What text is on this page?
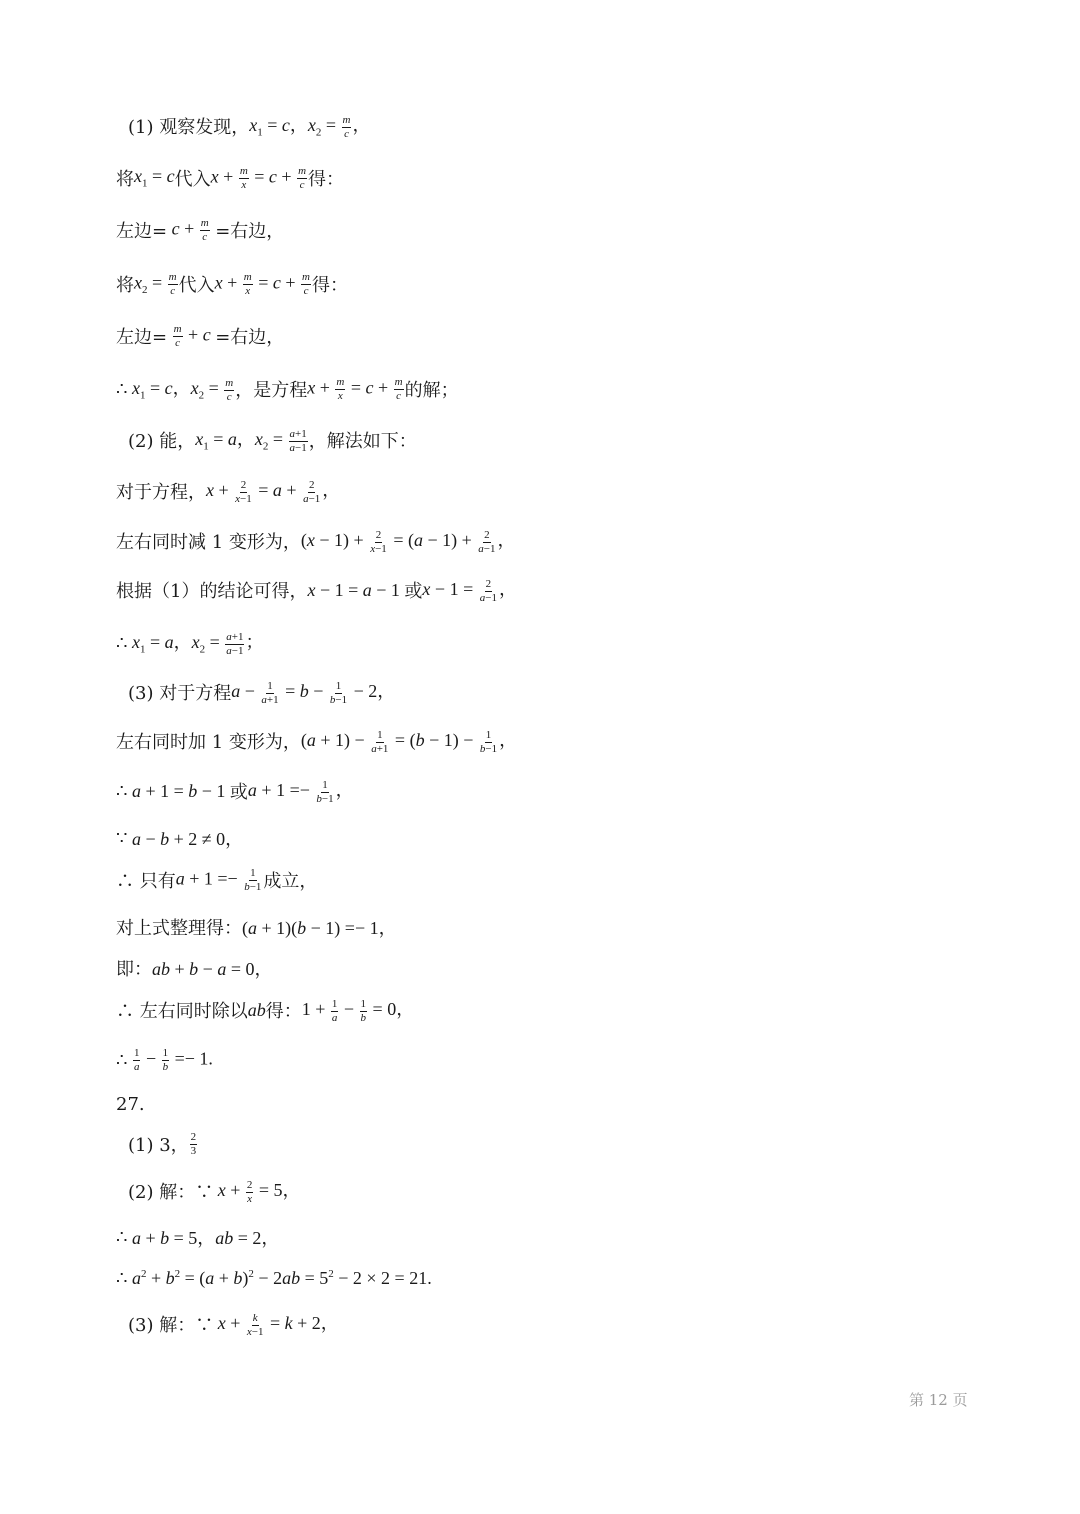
(1) 观察发现， $x_1 = c$，$x_2 = \frac{m}{c}$ ，
将 $x_1 = c$ 代入 $x + \frac{m}{x} = c + \frac{m}{c}$ 得：
左边= $c + \frac{m}{c}$
=右边，
将 $x_2 = \frac{m}{c}$ 代入 $x + \frac{m}{x} = c + \frac{m}{c}$ 得：
左边=
$\frac{m}{c} + c$ =右边，
∴ $x_1 = c$，$x_2 = \frac{m}{c}$ ，是方程 $x + \frac{m}{x} = c + \frac{m}{c}$ 的解；
(2) 能， $x_1 = a$，$x_2 = \frac{a+1}{a-1}$ ，解法如下：
对于方程， $x + \frac{2}{x-1} = a + \frac{2}{a-1}$ ，
左右同时减 1 变形为， $(x - 1) + \frac{2}{x-1} = (a - 1) + \frac{2}{a-1}$ ，
根据（1）的结论可得， x − 1 = a − 1 或 $x - 1 = \frac{2}{a-1}$ ，
∴ $x_1 = a$，$x_2 = \frac{a+1}{a-1}$ ；
(3) 对于方程 $a - \frac{1}{a+1} = b - \frac{1}{b-1} - 2$，
左右同时加 1 变形为， $(a + 1) - \frac{1}{a+1} = (b - 1) - \frac{1}{b-1}$ ，
∴ a + 1 = b − 1 或 $a + 1 =- \frac{1}{b-1}$ ，
∵ a − b + 2 ≠ 0，
∴ 只有 $a + 1 =- \frac{1}{b-1}$ 成立，
对上式整理得： (a + 1)(b − 1) =− 1，
即： ab + b − a = 0，
∴ 左右同时除以 ab 得： $1 + \frac{1}{a} - \frac{1}{b} = 0$，
∴
$\frac{1}{a} - \frac{1}{b} =- 1$.
27.
(1) 3， $\frac{2}{3}$
(2) 解：∵ $x + \frac{2}{x} = 5$，
∴ a + b = 5，ab = 2，
∴ $a^2 + b^2 = (a + b)^2 - 2ab = 5^2 - 2 \times 2 = 21$.
(3) 解：∵ $x + \frac{k}{x-1} = k + 2$，
第 12 页
